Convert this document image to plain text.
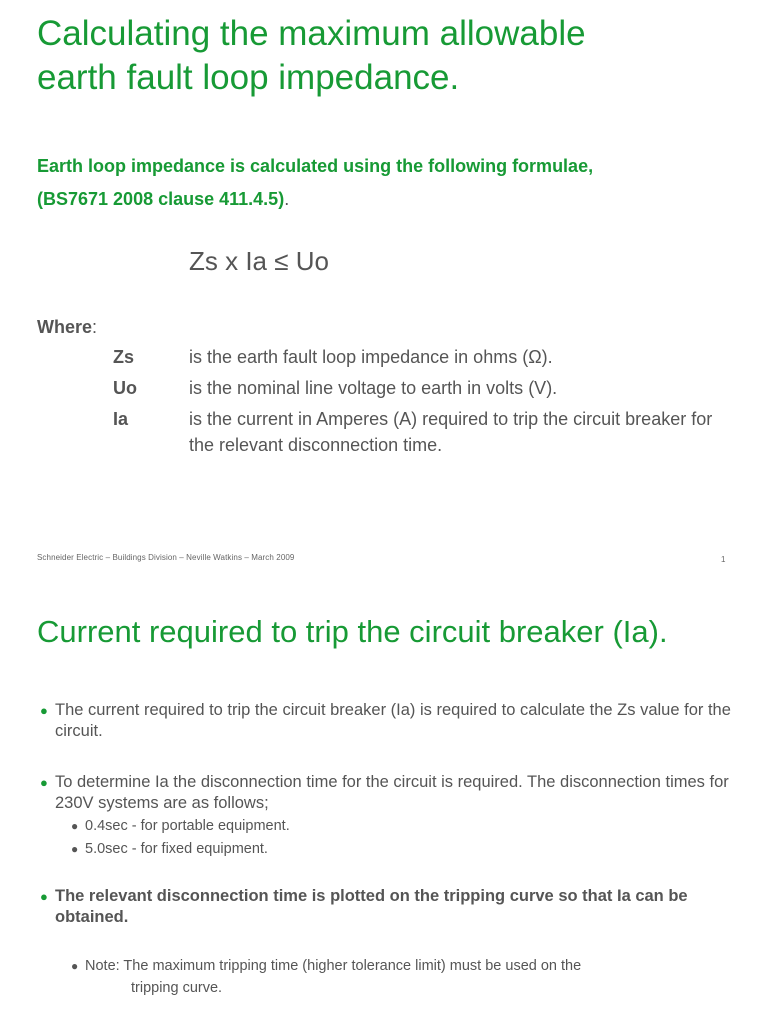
Calculating the maximum allowable
earth fault loop impedance.
Earth loop impedance is calculated using the following formulae,
(BS7671 2008 clause 411.4.5).
Zs x Ia ≤ Uo
Where:
Zs	is the earth fault loop impedance in ohms (Ω).
Uo	is the nominal line voltage to earth in volts (V).
Ia	is the current in Amperes (A) required to trip the circuit breaker for the relevant disconnection time.
Schneider Electric – Buildings Division – Neville Watkins – March 2009	1
Current required to trip the circuit breaker (Ia).
● The current required to trip the circuit breaker (Ia) is required to calculate the Zs value for the circuit.
● To determine Ia the disconnection time for the circuit is required. The disconnection times for 230V systems are as follows;
● 0.4sec - for portable equipment.
● 5.0sec - for fixed equipment.
● The relevant disconnection time is plotted on the tripping curve so that Ia can be obtained.
● Note: The maximum tripping time (higher tolerance limit) must be used on the
tripping curve.
